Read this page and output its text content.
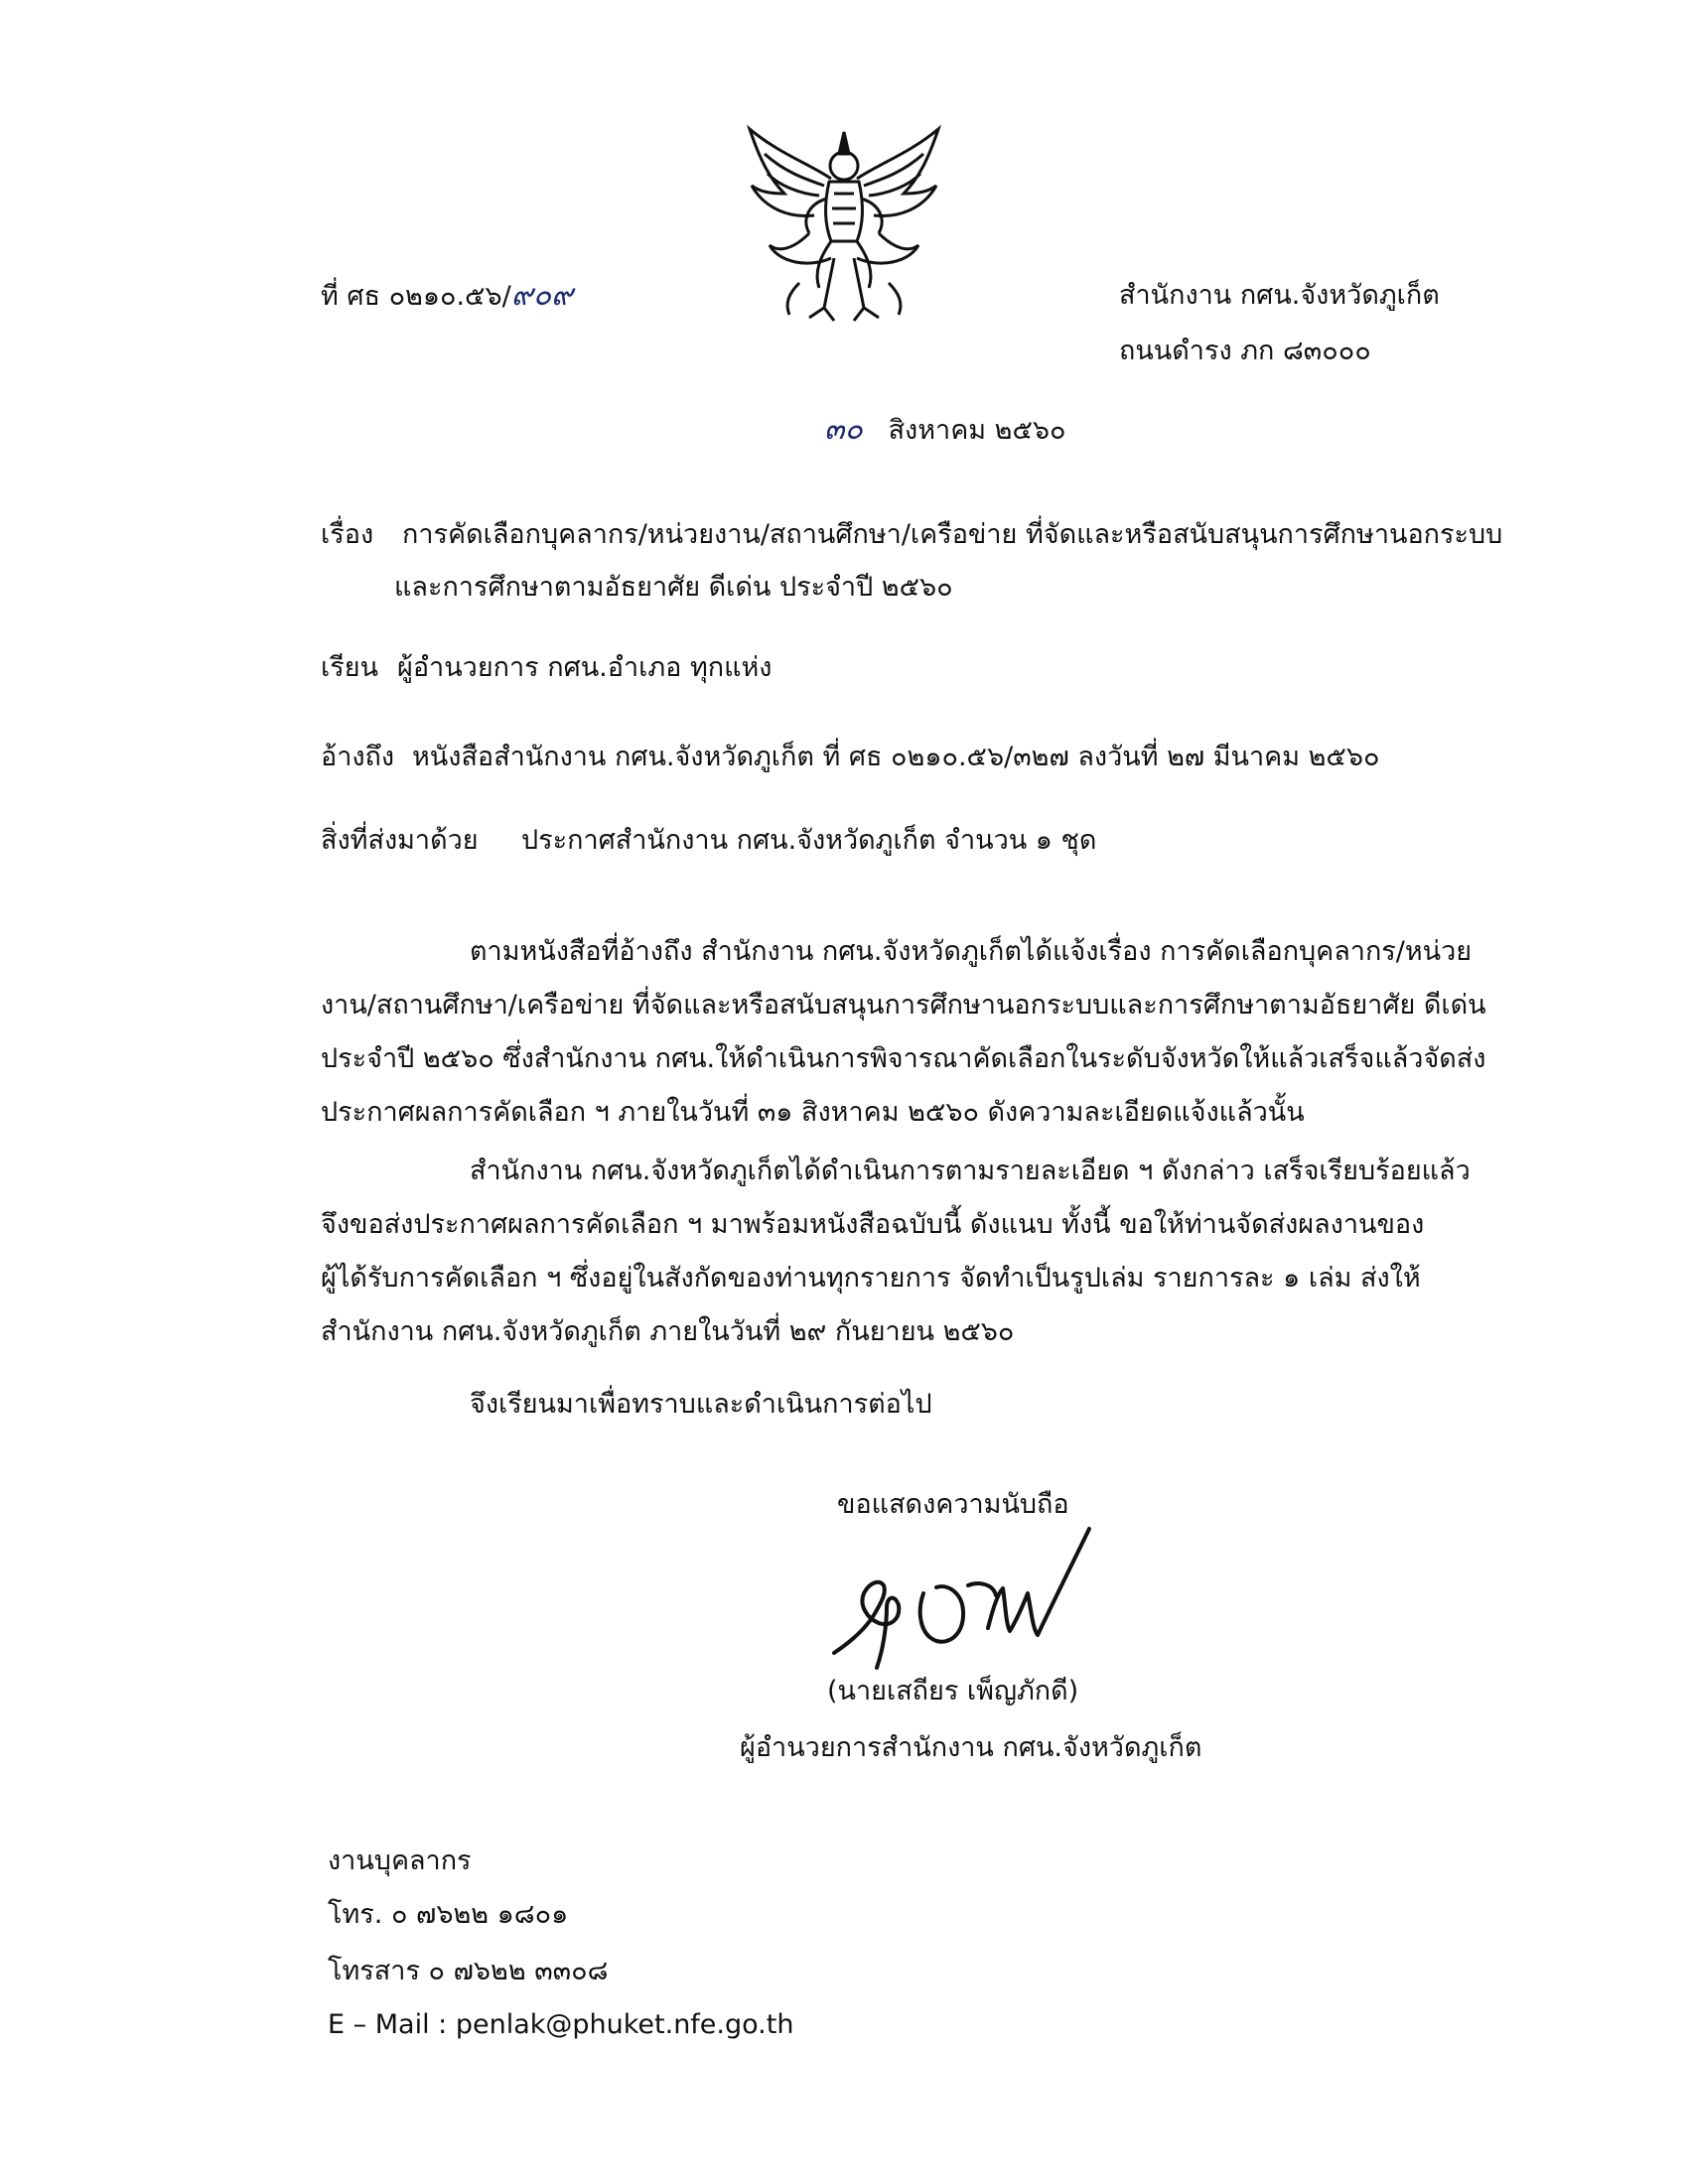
ที่ ศธ ๐๒๑๐.๕๖/๙๐๙	สำนักงาน กศน.จังหวัดภูเก็ต
ถนนดำรง ภก ๘๓๐๐๐
๓๐ สิงหาคม ๒๕๖๐
เรื่อง การคัดเลือกบุคลากร/หน่วยงาน/สถานศึกษา/เครือข่าย ที่จัดและหรือสนับสนุนการศึกษานอกระบบ
และการศึกษาตามอัธยาศัย ดีเด่น ประจำปี ๒๕๖๐
เรียน ผู้อำนวยการ กศน.อำเภอ ทุกแห่ง
อ้างถึง หนังสือสำนักงาน กศน.จังหวัดภูเก็ต ที่ ศธ ๐๒๑๐.๕๖/๓๒๗ ลงวันที่ ๒๗ มีนาคม ๒๕๖๐
สิ่งที่ส่งมาด้วย ประกาศสำนักงาน กศน.จังหวัดภูเก็ต จำนวน ๑ ชุด
ตามหนังสือที่อ้างถึง สำนักงาน กศน.จังหวัดภูเก็ตได้แจ้งเรื่อง การคัดเลือกบุคลากร/หน่วย
งาน/สถานศึกษา/เครือข่าย ที่จัดและหรือสนับสนุนการศึกษานอกระบบและการศึกษาตามอัธยาศัย ดีเด่น
ประจำปี ๒๕๖๐ ซึ่งสำนักงาน กศน.ให้ดำเนินการพิจารณาคัดเลือกในระดับจังหวัดให้แล้วเสร็จแล้วจัดส่ง
ประกาศผลการคัดเลือก ฯ ภายในวันที่ ๓๑ สิงหาคม ๒๕๖๐ ดังความละเอียดแจ้งแล้วนั้น
สำนักงาน กศน.จังหวัดภูเก็ตได้ดำเนินการตามรายละเอียด ฯ ดังกล่าว เสร็จเรียบร้อยแล้ว
จึงขอส่งประกาศผลการคัดเลือก ฯ มาพร้อมหนังสือฉบับนี้ ดังแนบ ทั้งนี้ ขอให้ท่านจัดส่งผลงานของ
ผู้ได้รับการคัดเลือก ฯ ซึ่งอยู่ในสังกัดของท่านทุกรายการ จัดทำเป็นรูปเล่ม รายการละ ๑ เล่ม ส่งให้
สำนักงาน กศน.จังหวัดภูเก็ต ภายในวันที่ ๒๙ กันยายน ๒๕๖๐
จึงเรียนมาเพื่อทราบและดำเนินการต่อไป
ขอแสดงความนับถือ
(นายเสถียร เพ็ญภักดี)
ผู้อำนวยการสำนักงาน กศน.จังหวัดภูเก็ต
งานบุคลากร
โทร. ๐ ๗๖๒๒ ๑๘๐๑
โทรสาร ๐ ๗๖๒๒ ๓๓๐๘
E – Mail : penlak@phuket.nfe.go.th
